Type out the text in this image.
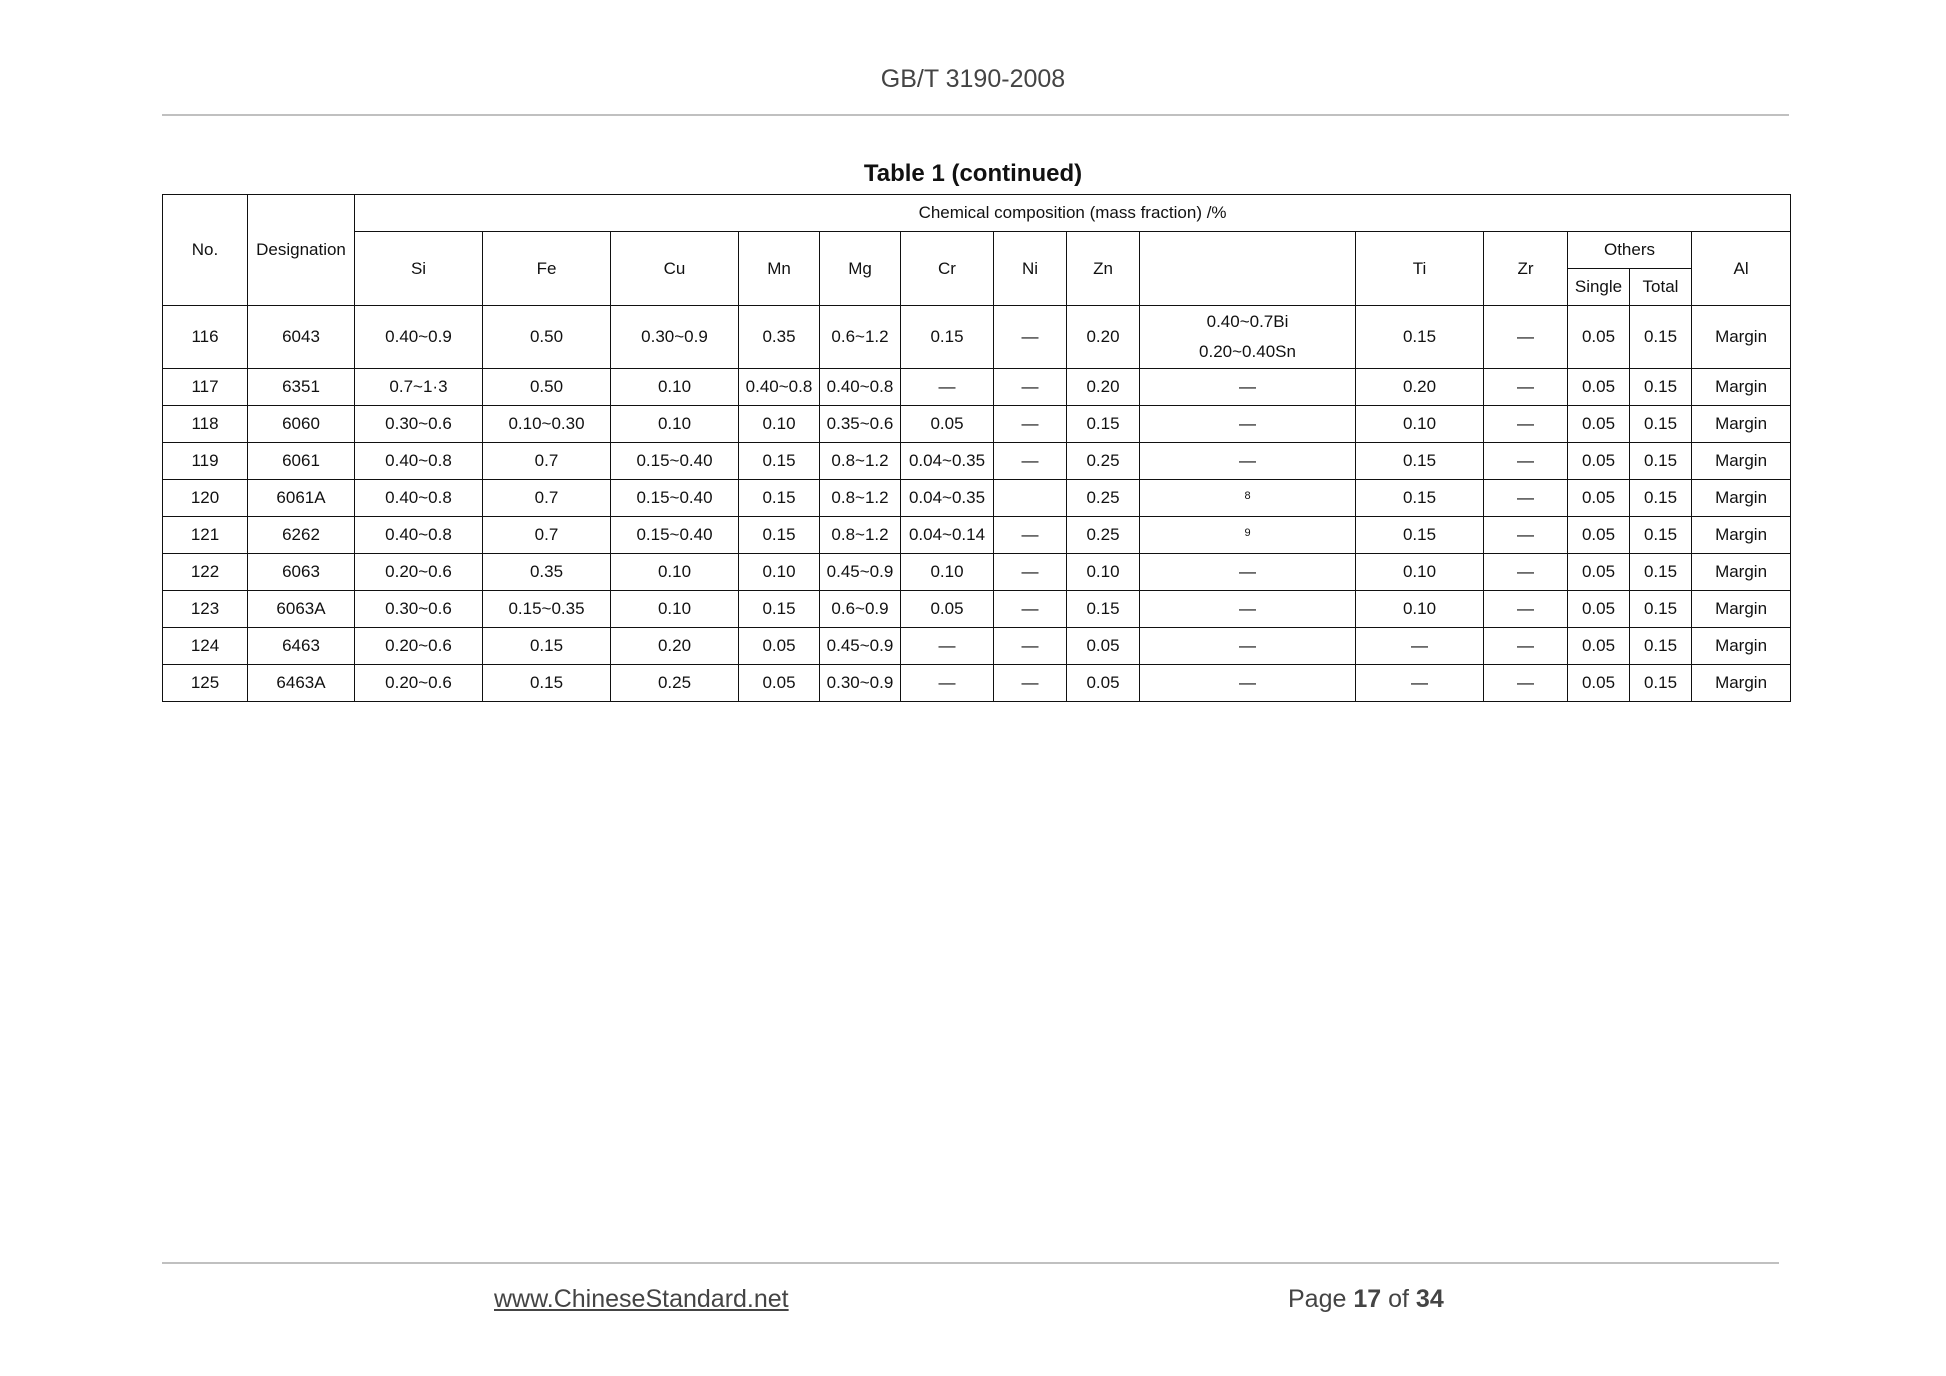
GB/T 3190-2008
Table 1 (continued)
No.	Designation	Chemical composition (mass fraction) /%													
		Si	Fe	Cu	Mn	Mg	Cr	Ni	Zn		Ti	Zr	Others		Al
													Single	Total	
116	6043	0.40~0.9	0.50	0.30~0.9	0.35	0.6~1.2	0.15	—	0.20	0.40~0.7Bi
0.20~0.40Sn	0.15	—	0.05	0.15	Margin
117	6351	0.7~1·3	0.50	0.10	0.40~0.8	0.40~0.8	—	—	0.20	—	0.20	—	0.05	0.15	Margin
118	6060	0.30~0.6	0.10~0.30	0.10	0.10	0.35~0.6	0.05	—	0.15	—	0.10	—	0.05	0.15	Margin
119	6061	0.40~0.8	0.7	0.15~0.40	0.15	0.8~1.2	0.04~0.35	—	0.25	—	0.15	—	0.05	0.15	Margin
120	6061A	0.40~0.8	0.7	0.15~0.40	0.15	0.8~1.2	0.04~0.35		0.25	$^8$	0.15	—	0.05	0.15	Margin
121	6262	0.40~0.8	0.7	0.15~0.40	0.15	0.8~1.2	0.04~0.14	—	0.25	$^9$	0.15	—	0.05	0.15	Margin
122	6063	0.20~0.6	0.35	0.10	0.10	0.45~0.9	0.10	—	0.10	—	0.10	—	0.05	0.15	Margin
123	6063A	0.30~0.6	0.15~0.35	0.10	0.15	0.6~0.9	0.05	—	0.15	—	0.10	—	0.05	0.15	Margin
124	6463	0.20~0.6	0.15	0.20	0.05	0.45~0.9	—	—	0.05	—	—	—	0.05	0.15	Margin
125	6463A	0.20~0.6	0.15	0.25	0.05	0.30~0.9	—	—	0.05	—	—	—	0.05	0.15	Margin
www.ChineseStandard.net	Page 17 of 34
